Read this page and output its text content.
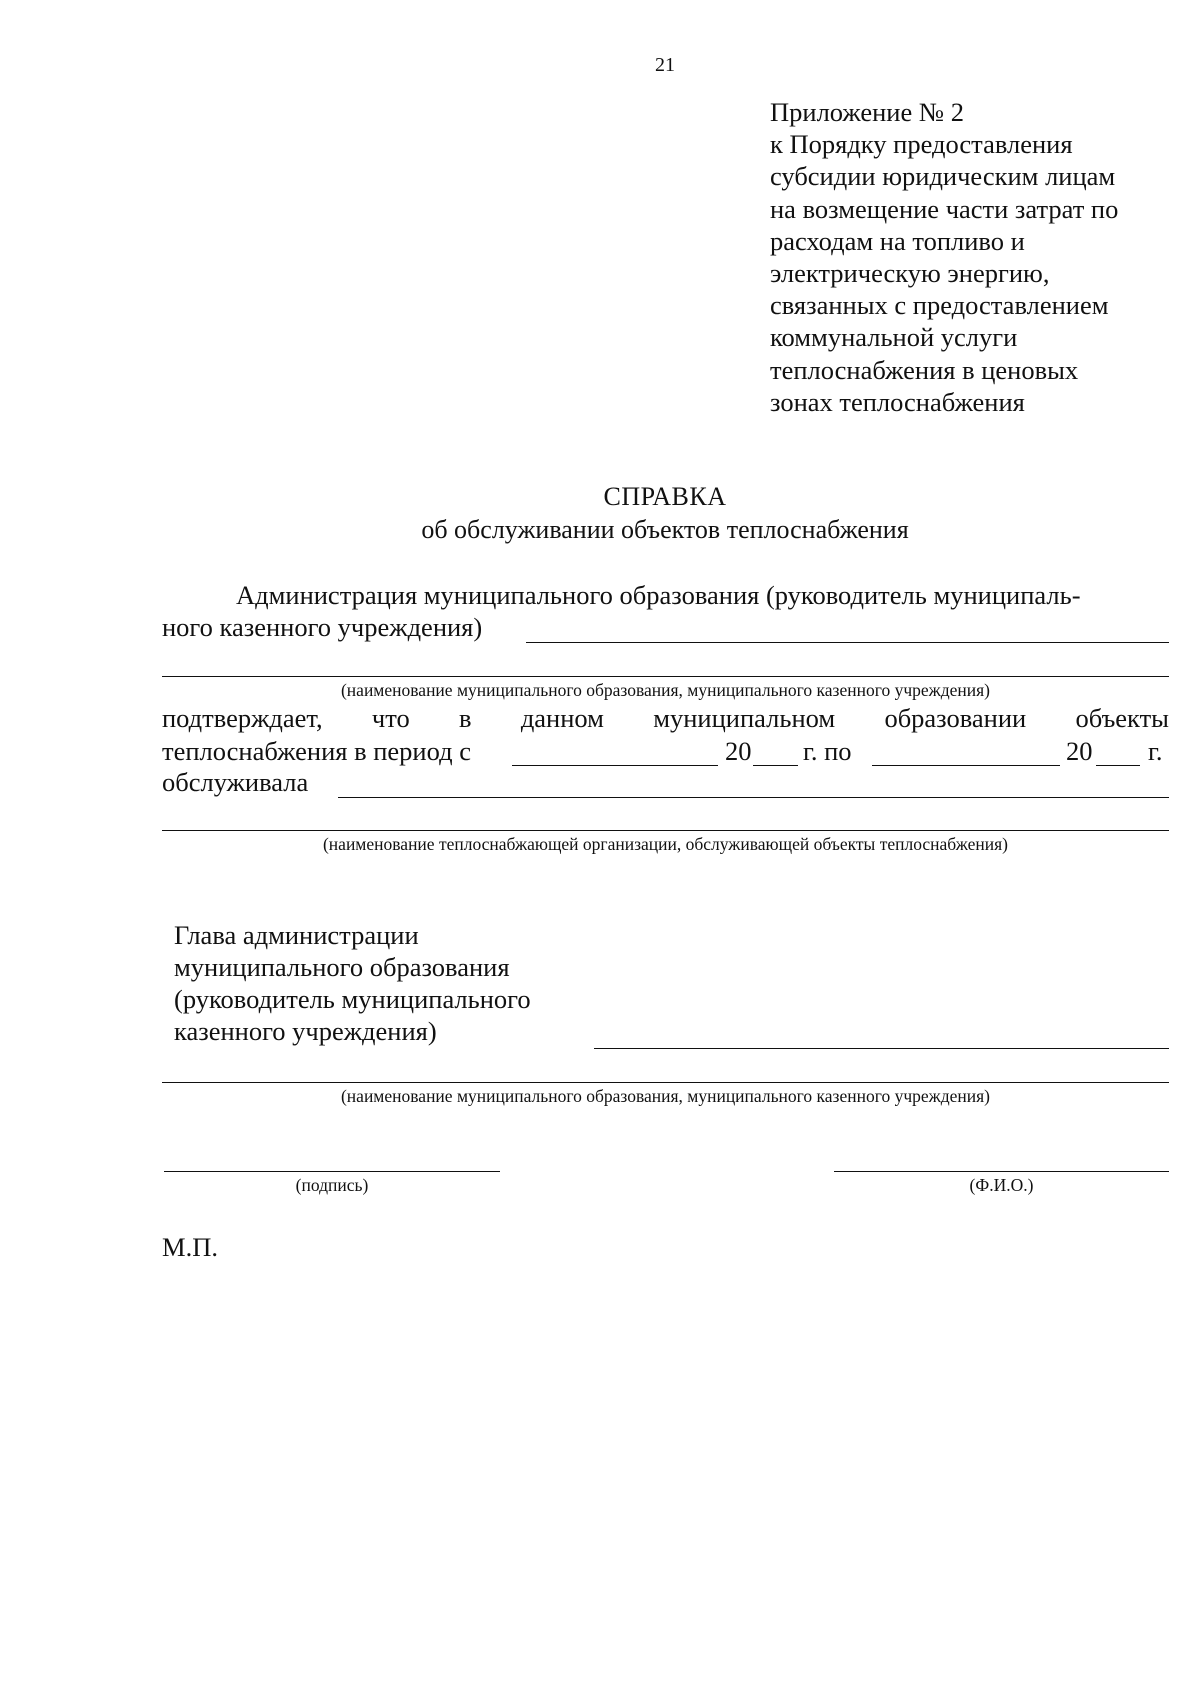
21
Приложение № 2
к Порядку предоставления
субсидии юридическим лицам
на возмещение части затрат по
расходам на топливо и
электрическую энергию,
связанных с предоставлением
коммунальной услуги
теплоснабжения в ценовых
зонах теплоснабжения
СПРАВКА
об обслуживании объектов теплоснабжения
Администрация муниципального образования (руководитель муниципаль-
ного казенного учреждения)
(наименование муниципального образования, муниципального казенного учреждения)
подтверждает, что в данном муниципальном образовании объекты
теплоснабжения в период с	20 г. по	20 г.
обслуживала
(наименование теплоснабжающей организации, обслуживающей объекты теплоснабжения)
Глава администрации
муниципального образования
(руководитель муниципального
казенного учреждения)
(наименование муниципального образования, муниципального казенного учреждения)
(подпись)	(Ф.И.О.)
М.П.
